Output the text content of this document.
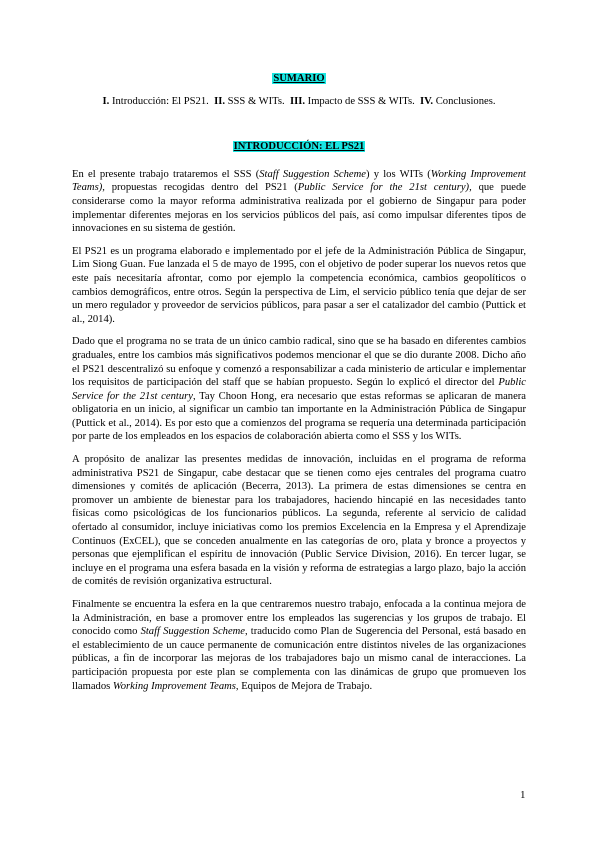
SUMARIO
I. Introducción: El PS21. II. SSS & WITs. III. Impacto de SSS & WITs. IV. Conclusiones.
INTRODUCCIÓN: EL PS21

En el presente trabajo trataremos el SSS (Staff Suggestion Scheme) y los WITs (Working Improvement Teams), propuestas recogidas dentro del PS21 (Public Service for the 21st century), que puede considerarse como la mayor reforma administrativa realizada por el gobierno de Singapur para poder implementar diferentes mejoras en los servicios públicos del país, así como impulsar diferentes tipos de innovaciones en su sistema de gestión.

El PS21 es un programa elaborado e implementado por el jefe de la Administración Pública de Singapur, Lim Siong Guan. Fue lanzada el 5 de mayo de 1995, con el objetivo de poder superar los nuevos retos que este país necesitaría afrontar, como por ejemplo la competencia económica, cambios geopolíticos o cambios demográficos, entre otros. Según la perspectiva de Lim, el servicio público tenía que dejar de ser un mero regulador y proveedor de servicios públicos, para pasar a ser el catalizador del cambio (Puttick et al., 2014).

Dado que el programa no se trata de un único cambio radical, sino que se ha basado en diferentes cambios graduales, entre los cambios más significativos podemos mencionar el que se dio durante 2008. Dicho año el PS21 descentralizó su enfoque y comenzó a responsabilizar a cada ministerio de articular e implementar los requisitos de participación del staff que se habían propuesto. Según lo explicó el director del Public Service for the 21st century, Tay Choon Hong, era necesario que estas reformas se aplicaran de manera obligatoria en un inicio, al significar un cambio tan importante en la Administración Pública de Singapur (Puttick et al., 2014). Es por esto que a comienzos del programa se requería una determinada participación por parte de los empleados en los espacios de colaboración abierta como el SSS y los WITs.

A propósito de analizar las presentes medidas de innovación, incluidas en el programa de reforma administrativa PS21 de Singapur, cabe destacar que se tienen como ejes centrales del programa cuatro dimensiones y comités de aplicación (Becerra, 2013). La primera de estas dimensiones se centra en promover un ambiente de bienestar para los trabajadores, haciendo hincapié en las necesidades tanto físicas como psicológicas de los funcionarios públicos. La segunda, referente al servicio de calidad ofertado al consumidor, incluye iniciativas como los premios Excelencia en la Empresa y el Aprendizaje Continuos (ExCEL), que se conceden anualmente en las categorías de oro, plata y bronce a proyectos y personas que ejemplifican el espíritu de innovación (Public Service Division, 2016). En tercer lugar, se incluye en el programa una esfera basada en la visión y reforma de estrategias a largo plazo, bajo la acción de comités de revisión organizativa estructural.

Finalmente se encuentra la esfera en la que centraremos nuestro trabajo, enfocada a la continua mejora de la Administración, en base a promover entre los empleados las sugerencias y los grupos de trabajo. El conocido como Staff Suggestion Scheme, traducido como Plan de Sugerencia del Personal, está basado en el establecimiento de un cauce permanente de comunicación entre distintos niveles de las organizaciones públicas, a fin de incorporar las mejoras de los trabajadores bajo un mismo canal de interacciones. La participación propuesta por este plan se complementa con las dinámicas de grupo que promueven los llamados Working Improvement Teams, Equipos de Mejora de Trabajo.

1
